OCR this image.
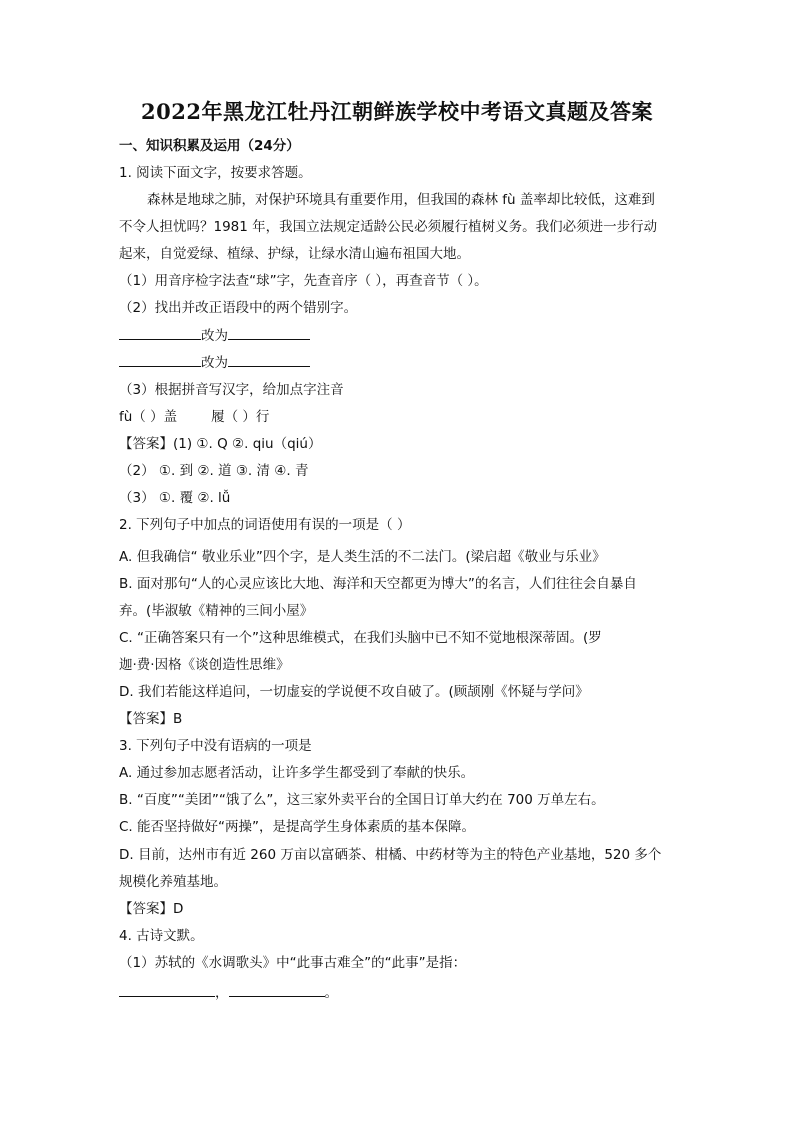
2022年黑龙江牡丹江朝鲜族学校中考语文真题及答案
一、知识积累及运用（24分）
1. 阅读下面文字，按要求答题。
森林是地球之肺，对保护环境具有重要作用，但我国的森林 fù 盖率却比较低，这难到
不令人担忧吗？1981 年，我国立法规定适龄公民必须履行植树义务。我们必须进一步行动
起来，自觉爱绿、植绿、护绿，让绿水清山遍布祖国大地。
（1）用音序检字法查“球”字，先查音序（ ），再查音节（ ）。
（2）找出并改正语段中的两个错别字。
改为
改为
（3）根据拼音写汉字，给加点字注音
fù（ ）盖	履（ ）行
【答案】(1) ①. Q ②. qiu（qiú）
（2） ①. 到 ②. 道 ③. 清 ④. 青
（3） ①. 覆 ②. lǚ
2. 下列句子中加点的词语使用有误的一项是（ ）
A. 但我确信“ 敬业乐业”四个字，是人类生活的不二法门。(梁启超《敬业与乐业》
B. 面对那句“人的心灵应该比大地、海洋和天空都更为博大”的名言，人们往往会自暴自
弃。(毕淑敏《精神的三间小屋》
C. “正确答案只有一个”这种思维模式，在我们头脑中已不知不觉地根深蒂固。(罗
迦·费·因格《谈创造性思维》
D. 我们若能这样追问，一切虚妄的学说便不攻自破了。(顾颉刚《怀疑与学问》
【答案】B
3. 下列句子中没有语病的一项是
A. 通过参加志愿者活动，让许多学生都受到了奉献的快乐。
B. “百度”“美团”“饿了么”，这三家外卖平台的全国日订单大约在 700 万单左右。
C. 能否坚持做好“两操”，是提高学生身体素质的基本保障。
D. 目前，达州市有近 260 万亩以富硒茶、柑橘、中药材等为主的特色产业基地，520 多个
规模化养殖基地。
【答案】D
4. 古诗文默。
（1）苏轼的《水调歌头》中“此事古难全”的“此事”是指：
，	。
